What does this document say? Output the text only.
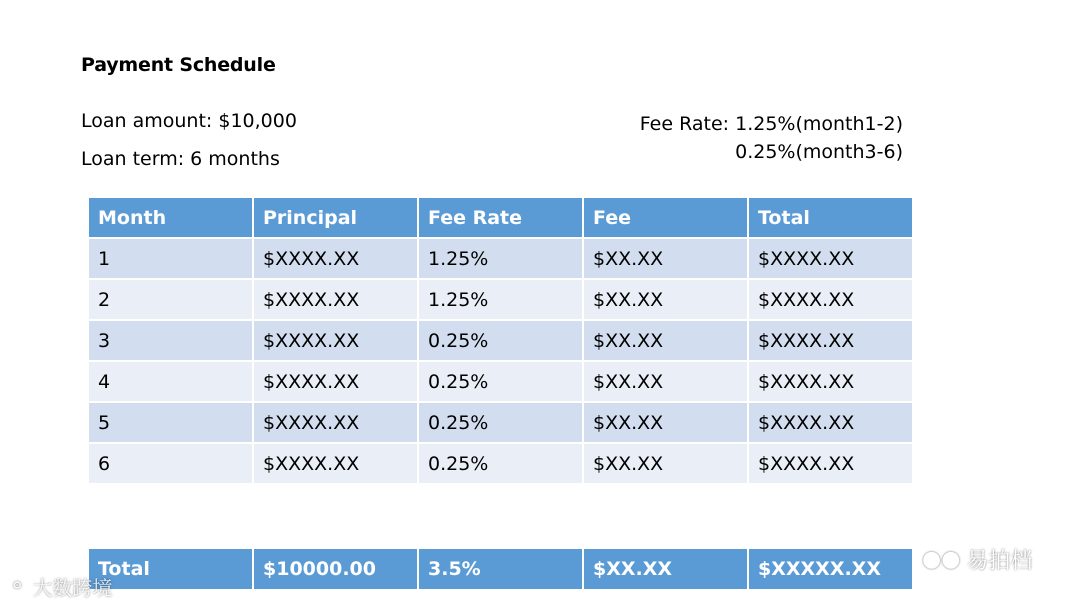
Payment Schedule
Loan amount: $10,000
Loan term: 6 months
Fee Rate: 1.25%(month1-2)
0.25%(month3-6)
Month	Principal	Fee Rate	Fee	Total
1	$XXXX.XX	1.25%	$XX.XX	$XXXX.XX
2	$XXXX.XX	1.25%	$XX.XX	$XXXX.XX
3	$XXXX.XX	0.25%	$XX.XX	$XXXX.XX
4	$XXXX.XX	0.25%	$XX.XX	$XXXX.XX
5	$XXXX.XX	0.25%	$XX.XX	$XXXX.XX
6	$XXXX.XX	0.25%	$XX.XX	$XXXX.XX
Total	$10000.00	3.5%	$XX.XX	$XXXXX.XX
⚬ 大数跨境
●● 易拍档
